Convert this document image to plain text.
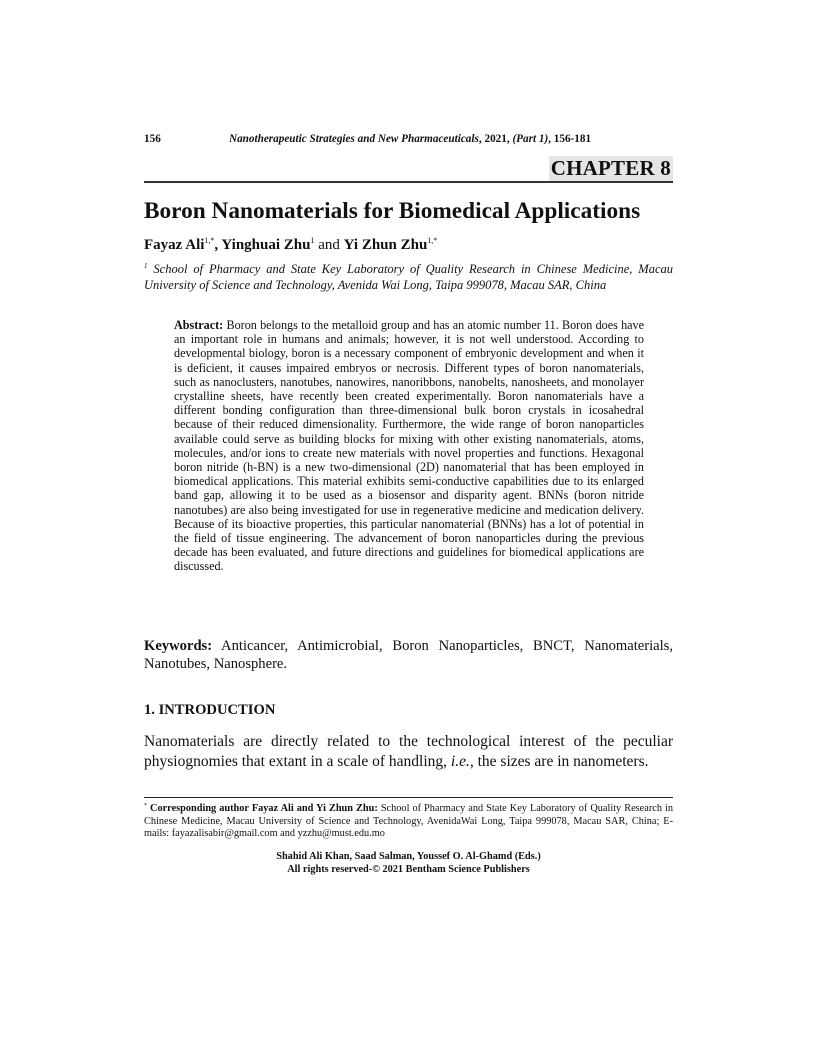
156	Nanotherapeutic Strategies and New Pharmaceuticals, 2021, (Part 1), 156-181
CHAPTER 8
Boron Nanomaterials for Biomedical Applications
Fayaz Ali$^{1,*}$, Yinghuai Zhu$^1$ and Yi Zhun Zhu$^{1,*}$
$^1$ School of Pharmacy and State Key Laboratory of Quality Research in Chinese Medicine, Macau University of Science and Technology, Avenida Wai Long, Taipa 999078, Macau SAR, China
Abstract: Boron belongs to the metalloid group and has an atomic number 11. Boron does have an important role in humans and animals; however, it is not well understood. According to developmental biology, boron is a necessary component of embryonic development and when it is deficient, it causes impaired embryos or necrosis. Different types of boron nanomaterials, such as nanoclusters, nanotubes, nanowires, nanoribbons, nanobelts, nanosheets, and monolayer crystalline sheets, have recently been created experimentally. Boron nanomaterials have a different bonding configuration than three-dimensional bulk boron crystals in icosahedral because of their reduced dimensionality. Furthermore, the wide range of boron nanoparticles available could serve as building blocks for mixing with other existing nanomaterials, atoms, molecules, and/or ions to create new materials with novel properties and functions. Hexagonal boron nitride (h-BN) is a new two-dimensional (2D) nanomaterial that has been employed in biomedical applications. This material exhibits semi-conductive capabilities due to its enlarged band gap, allowing it to be used as a biosensor and disparity agent. BNNs (boron nitride nanotubes) are also being investigated for use in regenerative medicine and medication delivery. Because of its bioactive properties, this particular nanomaterial (BNNs) has a lot of potential in the field of tissue engineering. The advancement of boron nanoparticles during the previous decade has been evaluated, and future directions and guidelines for biomedical applications are discussed.
Keywords: Anticancer, Antimicrobial, Boron Nanoparticles, BNCT, Nanomaterials, Nanotubes, Nanosphere.
1. INTRODUCTION
Nanomaterials are directly related to the technological interest of the peculiar physiognomies that extant in a scale of handling, i.e., the sizes are in nanometers.
* Corresponding author Fayaz Ali and Yi Zhun Zhu: School of Pharmacy and State Key Laboratory of Quality Research in Chinese Medicine, Macau University of Science and Technology, AvenidaWai Long, Taipa 999078, Macau SAR, China; E-mails: fayazalisabir@gmail.com and yzzhu@must.edu.mo
Shahid Ali Khan, Saad Salman, Youssef O. Al-Ghamd (Eds.)
All rights reserved-© 2021 Bentham Science Publishers
